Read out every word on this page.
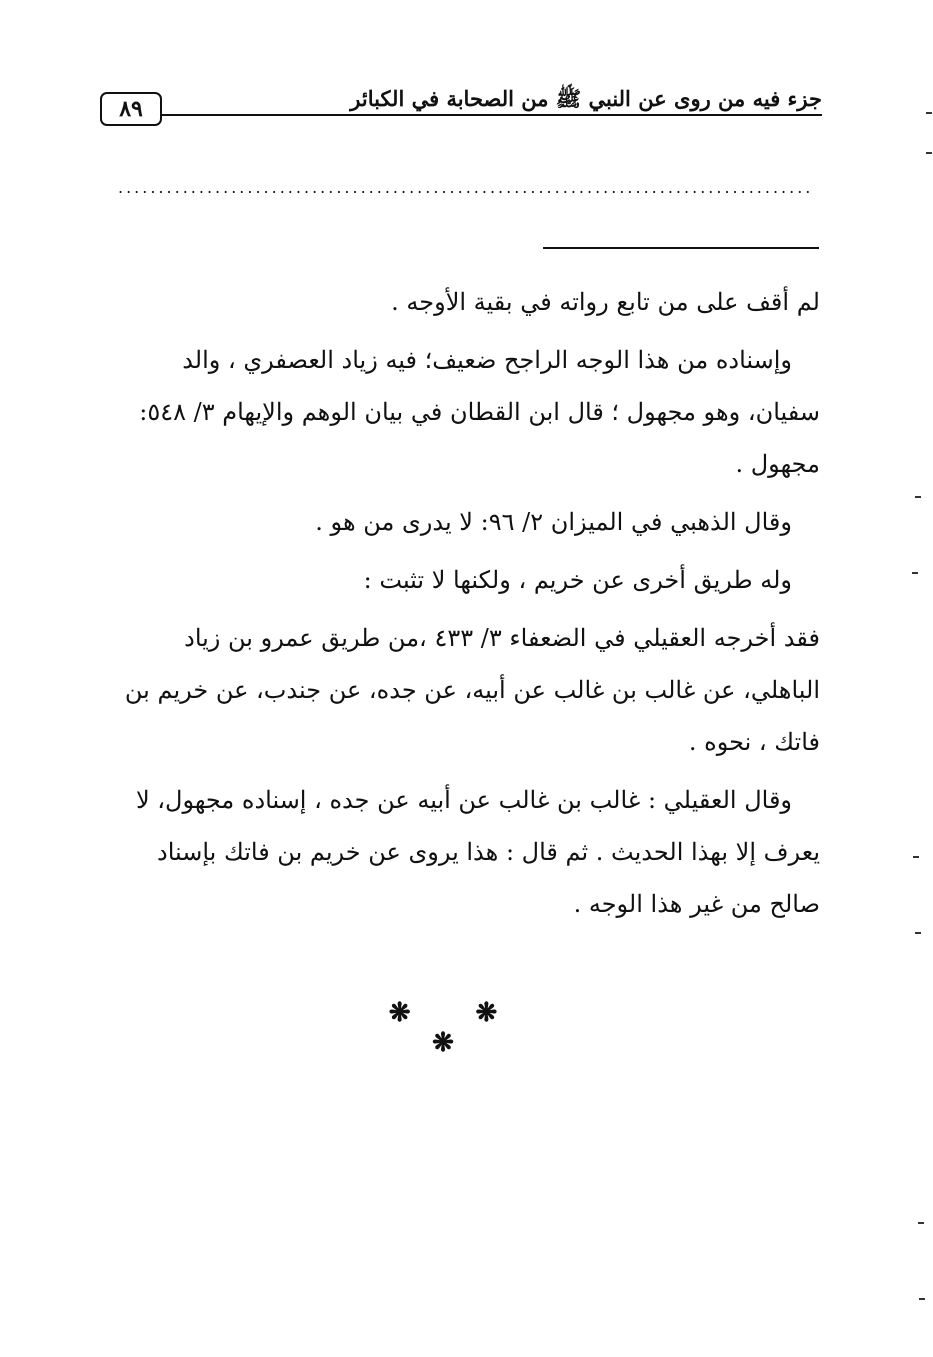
جزء فيه من روى عن النبي ﷺ من الصحابة في الكبائر
٨٩
......................................................................................

لم أقف على من تابع رواته في بقية الأوجه .

وإسناده من هذا الوجه الراجح ضعيف؛ فيه زياد العصفري ، والد سفيان، وهو مجهول ؛ قال ابن القطان في بيان الوهم والإيهام ٣/ ٥٤٨: مجهول .

وقال الذهبي في الميزان ٢/ ٩٦: لا يدرى من هو .

وله طريق أخرى عن خريم ، ولكنها لا تثبت :

فقد أخرجه العقيلي في الضعفاء ٣/ ٤٣٣ ،من طريق عمرو بن زياد الباهلي، عن غالب بن غالب عن أبيه، عن جده، عن جندب، عن خريم بن فاتك ، نحوه .

وقال العقيلي : غالب بن غالب عن أبيه عن جده ، إسناده مجهول، لا يعرف إلا بهذا الحديث . ثم قال : هذا يروى عن خريم بن فاتك بإسناد صالح من غير هذا الوجه .

❋ ❋ ❋
